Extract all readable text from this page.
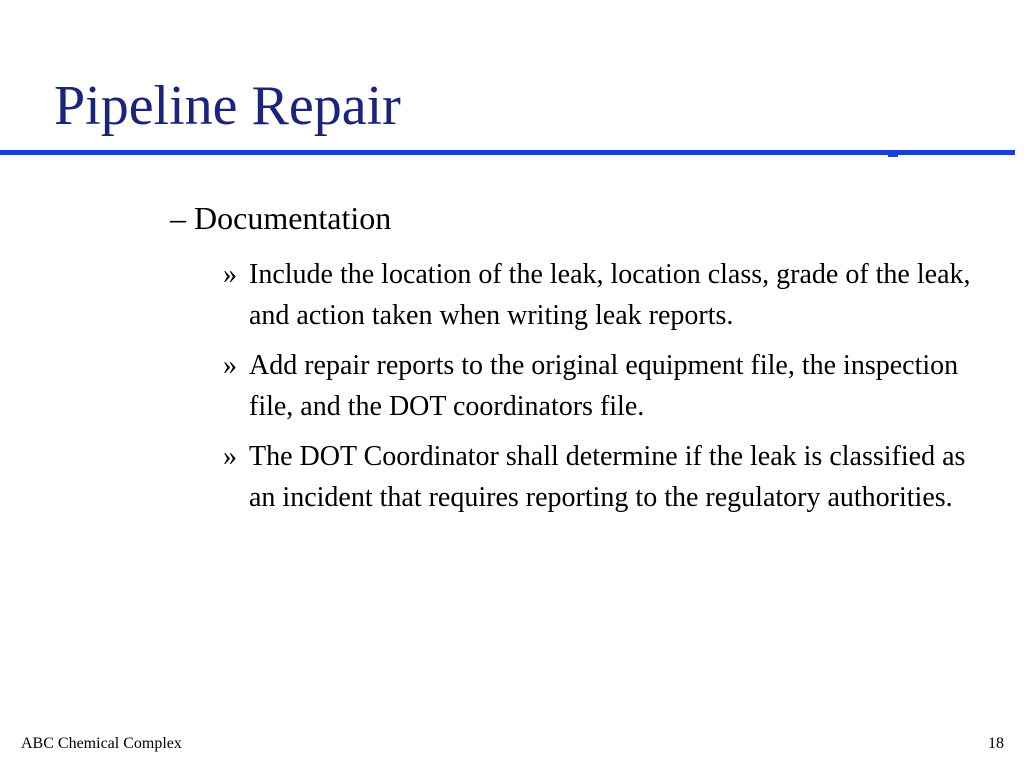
Pipeline Repair
– Documentation
» Include the location of the leak, location class, grade of the leak, and action taken when writing leak reports.
» Add repair reports to the original equipment file, the inspection file, and the DOT coordinators file.
» The DOT Coordinator shall determine if the leak is classified as an incident that requires reporting to the regulatory authorities.
ABC Chemical Complex	18
